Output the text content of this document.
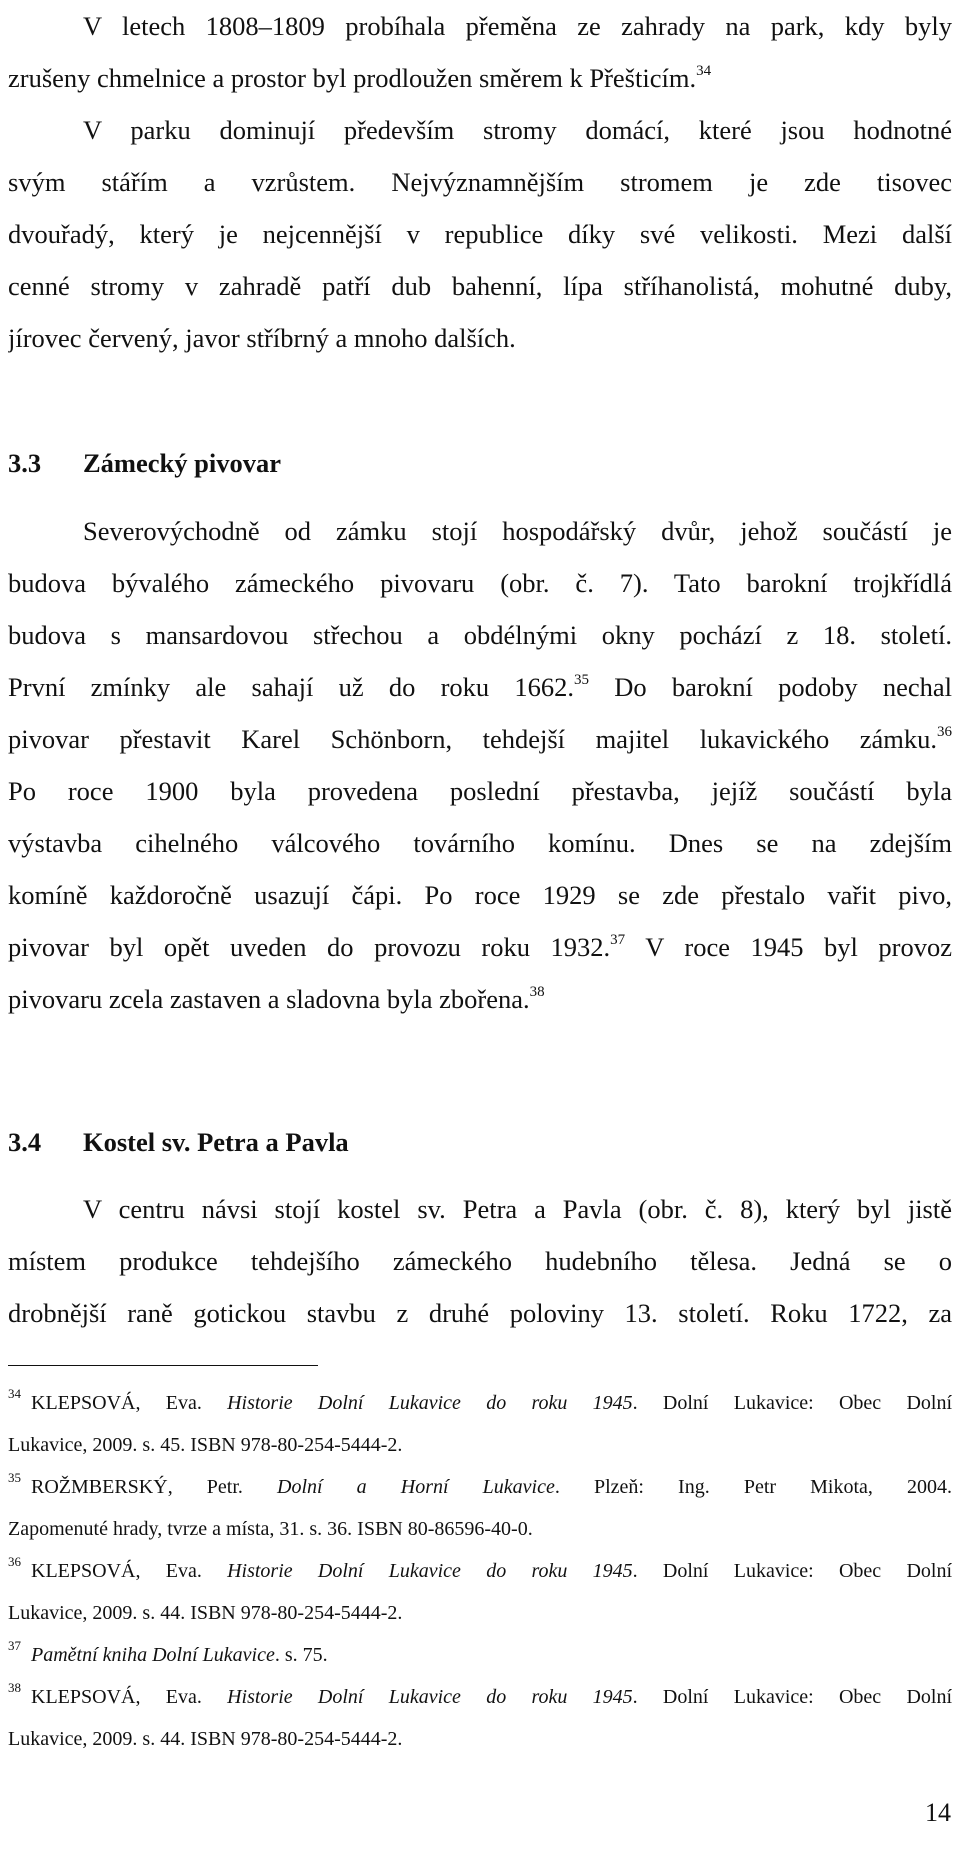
V letech 1808–1809 probíhala přeměna ze zahrady na park, kdy byly
zrušeny chmelnice a prostor byl prodloužen směrem k Přešticím.$^{34}$
V parku dominují především stromy domácí, které jsou hodnotné
svým stářím a vzrůstem. Nejvýznamnějším stromem je zde tisovec
dvouřadý, který je nejcennější v republice díky své velikosti. Mezi další
cenné stromy v zahradě patří dub bahenní, lípa stříhanolistá, mohutné duby,
jírovec červený, javor stříbrný a mnoho dalších.
3.3 Zámecký pivovar
Severovýchodně od zámku stojí hospodářský dvůr, jehož součástí je
budova bývalého zámeckého pivovaru (obr. č. 7). Tato barokní trojkřídlá
budova s mansardovou střechou a obdélnými okny pochází z 18. století.
První zmínky ale sahají už do roku 1662.35 Do barokní podoby nechal
pivovar přestavit Karel Schönborn, tehdejší majitel lukavického zámku.$^{36}$
Po roce 1900 byla provedena poslední přestavba, jejíž součástí byla
výstavba cihelného válcového továrního komínu. Dnes se na zdejším
komíně každoročně usazují čápi. Po roce 1929 se zde přestalo vařit pivo,
pivovar byl opět uveden do provozu roku 1932.37 V roce 1945 byl provoz
pivovaru zcela zastaven a sladovna byla zbořena.$^{38}$
3.4 Kostel sv. Petra a Pavla
V centru návsi stojí kostel sv. Petra a Pavla (obr. č. 8), který byl jistě
místem produkce tehdejšího zámeckého hudebního tělesa. Jedná se o
drobnější raně gotickou stavbu z druhé poloviny 13. století. Roku 1722, za
$^{34}$ KLEPSOVÁ, Eva. Historie Dolní Lukavice do roku 1945. Dolní Lukavice: Obec Dolní
Lukavice, 2009. s. 45. ISBN 978-80-254-5444-2.
$^{35}$ ROŽMBERSKÝ, Petr. Dolní a Horní Lukavice. Plzeň: Ing. Petr Mikota, 2004.
Zapomenuté hrady, tvrze a místa, 31. s. 36. ISBN 80-86596-40-0.
$^{36}$ KLEPSOVÁ, Eva. Historie Dolní Lukavice do roku 1945. Dolní Lukavice: Obec Dolní
Lukavice, 2009. s. 44. ISBN 978-80-254-5444-2.
$^{37}$ Pamětní kniha Dolní Lukavice. s. 75.
$^{38}$ KLEPSOVÁ, Eva. Historie Dolní Lukavice do roku 1945. Dolní Lukavice: Obec Dolní
Lukavice, 2009. s. 44. ISBN 978-80-254-5444-2.
14
